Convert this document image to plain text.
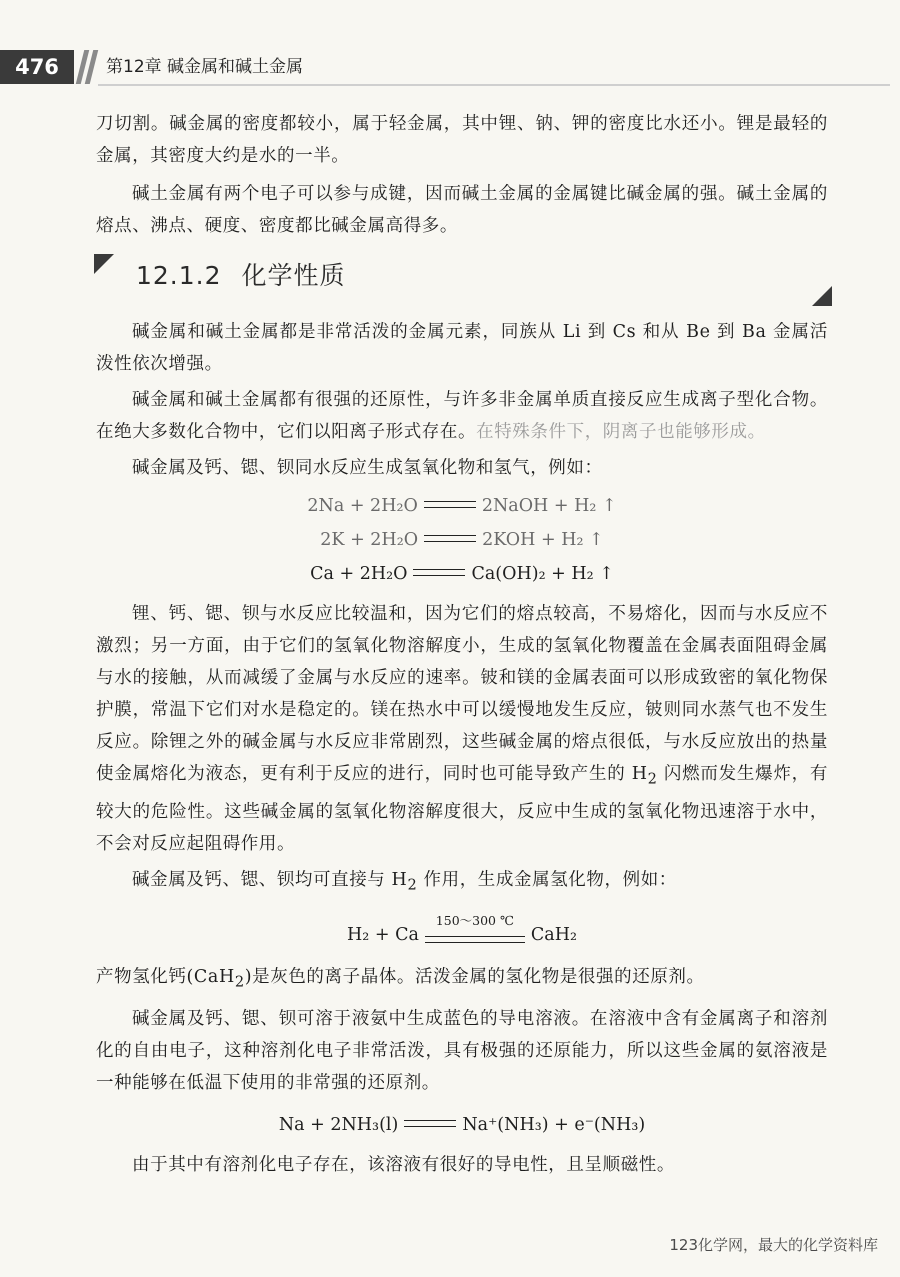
476	第12章 碱金属和碱土金属

刀切割。碱金属的密度都较小，属于轻金属，其中锂、钠、钾的密度比水还小。锂是最轻的金属，其密度大约是水的一半。

碱土金属有两个电子可以参与成键，因而碱土金属的金属键比碱金属的强。碱土金属的熔点、沸点、硬度、密度都比碱金属高得多。

12.1.2 化学性质

碱金属和碱土金属都是非常活泼的金属元素，同族从 Li 到 Cs 和从 Be 到 Ba 金属活泼性依次增强。

碱金属和碱土金属都有很强的还原性，与许多非金属单质直接反应生成离子型化合物。在绝大多数化合物中，它们以阳离子形式存在。在特殊条件下，阴离子也能够形成。

碱金属及钙、锶、钡同水反应生成氢氧化物和氢气，例如：

2Na + 2H₂O	2NaOH + H₂ ↑
2K + 2H₂O	2KOH + H₂ ↑
Ca + 2H₂O	Ca(OH)₂ + H₂ ↑

锂、钙、锶、钡与水反应比较温和，因为它们的熔点较高，不易熔化，因而与水反应不激烈；另一方面，由于它们的氢氧化物溶解度小，生成的氢氧化物覆盖在金属表面阻碍金属与水的接触，从而减缓了金属与水反应的速率。铍和镁的金属表面可以形成致密的氧化物保护膜，常温下它们对水是稳定的。镁在热水中可以缓慢地发生反应，铍则同水蒸气也不发生反应。除锂之外的碱金属与水反应非常剧烈，这些碱金属的熔点很低，与水反应放出的热量使金属熔化为液态，更有利于反应的进行，同时也可能导致产生的 $H_2$ 闪燃而发生爆炸，有较大的危险性。这些碱金属的氢氧化物溶解度很大，反应中生成的氢氧化物迅速溶于水中，不会对反应起阻碍作用。

碱金属及钙、锶、钡均可直接与 $H_2$ 作用，生成金属氢化物，例如：

H₂ + Ca
150～300 ℃
CaH₂

产物氢化钙(CaH$_2$)是灰色的离子晶体。活泼金属的氢化物是很强的还原剂。

碱金属及钙、锶、钡可溶于液氨中生成蓝色的导电溶液。在溶液中含有金属离子和溶剂化的自由电子，这种溶剂化电子非常活泼，具有极强的还原能力，所以这些金属的氨溶液是一种能够在低温下使用的非常强的还原剂。

Na + 2NH₃(l)	Na⁺(NH₃) + e⁻(NH₃)

由于其中有溶剂化电子存在，该溶液有很好的导电性，且呈顺磁性。

123化学网，最大的化学资料库
